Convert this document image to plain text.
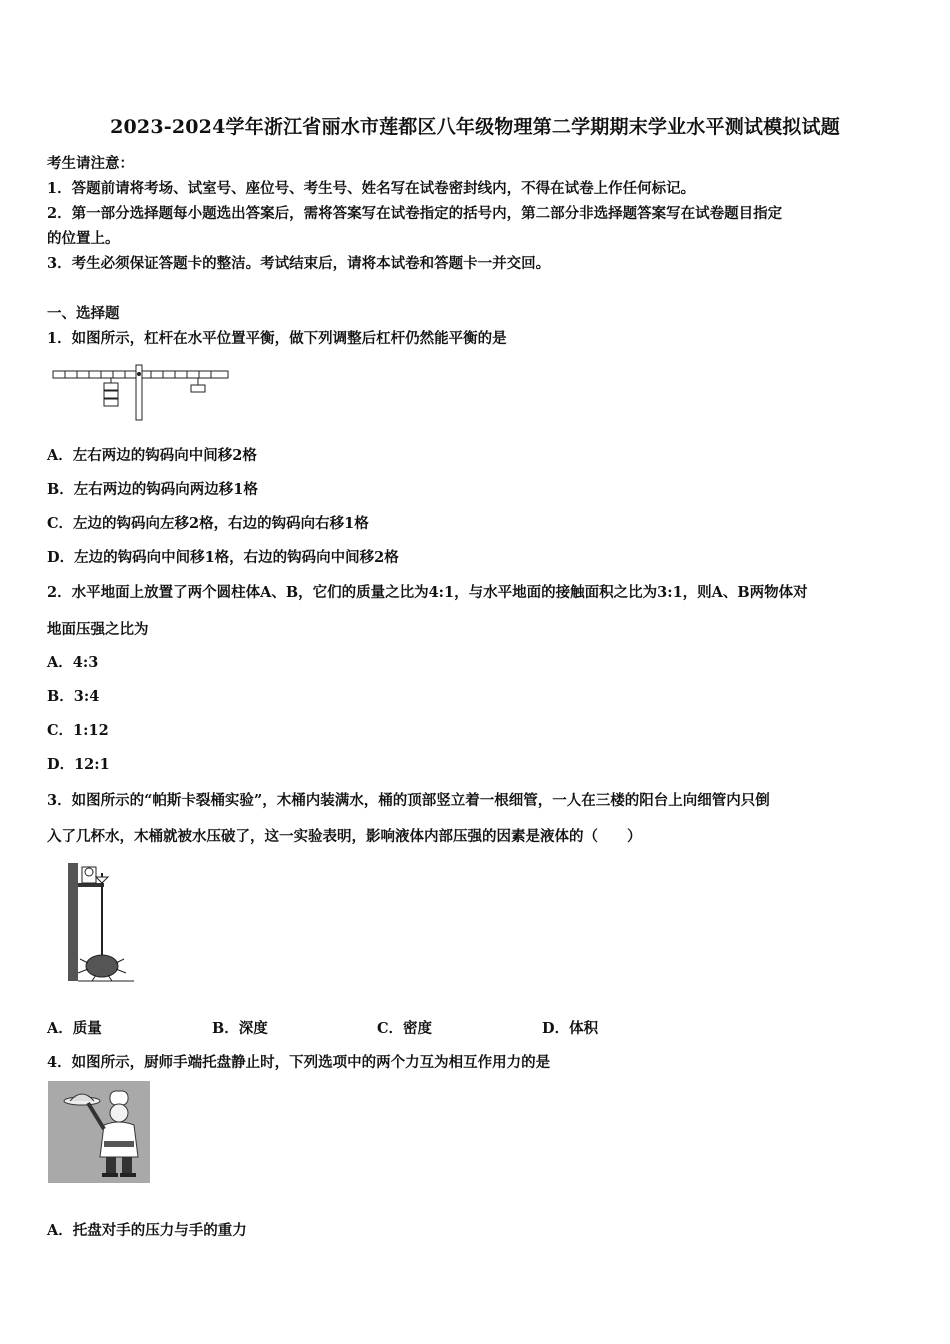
2023-2024学年浙江省丽水市莲都区八年级物理第二学期期末学业水平测试模拟试题
考生请注意：
1．答题前请将考场、试室号、座位号、考生号、姓名写在试卷密封线内，不得在试卷上作任何标记。
2．第一部分选择题每小题选出答案后，需将答案写在试卷指定的括号内，第二部分非选择题答案写在试卷题目指定
的位置上。
3．考生必须保证答题卡的整洁。考试结束后，请将本试卷和答题卡一并交回。
一、选择题
1．如图所示，杠杆在水平位置平衡，做下列调整后杠杆仍然能平衡的是
A．左右两边的钩码向中间移2格
B．左右两边的钩码向两边移1格
C．左边的钩码向左移2格，右边的钩码向右移1格
D．左边的钩码向中间移1格，右边的钩码向中间移2格
2．水平地面上放置了两个圆柱体A、B，它们的质量之比为4:1，与水平地面的接触面积之比为3:1，则A、B两物体对
地面压强之比为
A．4:3
B．3:4
C．1:12
D．12:1
3．如图所示的“帕斯卡裂桶实验”，木桶内装满水，桶的顶部竖立着一根细管，一人在三楼的阳台上向细管内只倒
入了几杯水，木桶就被水压破了，这一实验表明，影响液体内部压强的因素是液体的（　　）
A．质量	B．深度	C．密度	D．体积
4．如图所示，厨师手端托盘静止时，下列选项中的两个力互为相互作用力的是
A．托盘对手的压力与手的重力
